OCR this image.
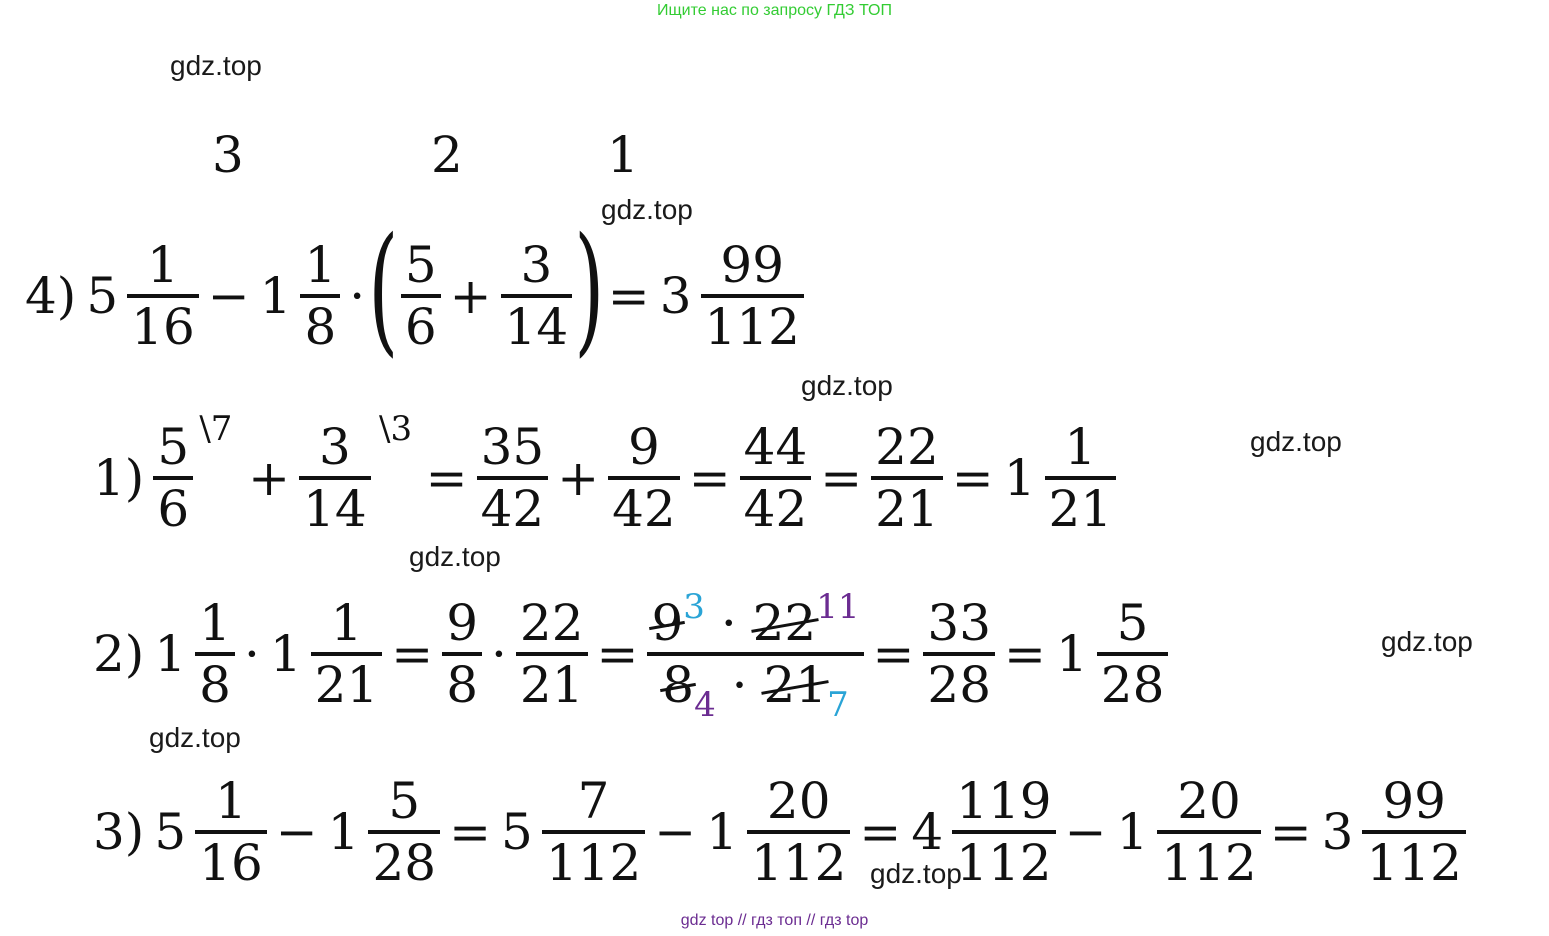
Ищите нас по запросу ГДЗ ТОП
gdz.top
gdz.top
gdz.top
gdz.top
gdz.top
gdz.top
gdz.top
gdz.top
3	2	1
4) $5 \frac{1}{16} - 1 \frac{1}{8}$ · ( $\frac{5}{6} + \frac{3}{14}$ ) = $3 \frac{99}{112}$
1)
5
6
\7
+
3
14
\3
= $\frac{35}{42} + \frac{9}{42} = \frac{44}{42} = \frac{22}{21} = 1 \frac{1}{21}$
2) $1 \frac{1}{8} \cdot 1 \frac{1}{21} = \frac{9}{8} \cdot \frac{22}{21} = \frac{9^3 \cdot 22^{11}}{8_4 \cdot 21_7} = \frac{33}{28} = 1 \frac{5}{28}$
3) $5 \frac{1}{16} - 1 \frac{5}{28} = 5 \frac{7}{112} - 1 \frac{20}{112} = 4 \frac{119}{112} - 1 \frac{20}{112} = 3 \frac{99}{112}$
gdz top // гдз топ // гдз top
